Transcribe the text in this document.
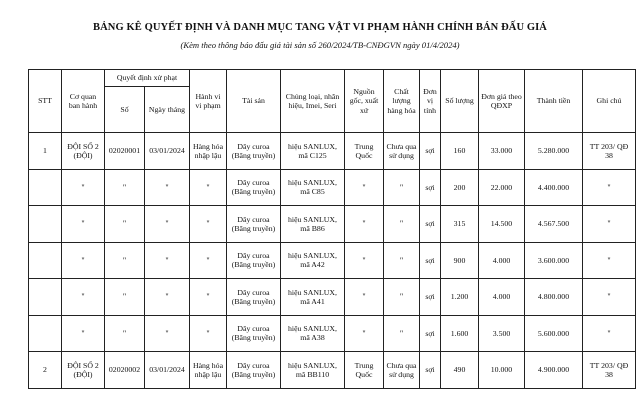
BẢNG KÊ QUYẾT ĐỊNH VÀ DANH MỤC TANG VẬT VI PHẠM HÀNH CHÍNH BÁN ĐẤU GIÁ
(Kèm theo thông báo đấu giá tài sản số 260/2024/TB-CNĐGVN ngày 01/4/2024)
STT	Cơ quan ban hành	Quyết định xử phạt		Hành vi vi phạm	Tài sản	Chủng loại, nhãn hiệu, Imei, Seri	Nguồn gốc, xuất xứ	Chất lượng hàng hóa	Đơn vị tính	Số lượng	Đơn giá theo QĐXP	Thành tiền	Ghi chú
		Số	Ngày tháng										
1	ĐỘI SỐ 2 (ĐỘI)	02020001	03/01/2024	Hàng hóa nhập lậu	Dây curoa (Băng truyền)	hiệu SANLUX, mã C125	Trung Quốc	Chưa qua sử dụng	sợi	160	33.000	5.280.000	TT 203/ QĐ 38
	"	"	"	"	Dây curoa (Băng truyền)	hiệu SANLUX, mã C85	"	"	sợi	200	22.000	4.400.000	"
	"	"	"	"	Dây curoa (Băng truyền)	hiệu SANLUX, mã B86	"	"	sợi	315	14.500	4.567.500	"
	"	"	"	"	Dây curoa (Băng truyền)	hiệu SANLUX, mã A42	"	"	sợi	900	4.000	3.600.000	"
	"	"	"	"	Dây curoa (Băng truyền)	hiệu SANLUX, mã A41	"	"	sợi	1.200	4.000	4.800.000	"
	"	"	"	"	Dây curoa (Băng truyền)	hiệu SANLUX, mã A38	"	"	sợi	1.600	3.500	5.600.000	"
2	ĐỘI SỐ 2 (ĐỘI)	02020002	03/01/2024	Hàng hóa nhập lậu	Dây curoa (Băng truyền)	hiệu SANLUX, mã BB110	Trung Quốc	Chưa qua sử dụng	sợi	490	10.000	4.900.000	TT 203/ QĐ 38
